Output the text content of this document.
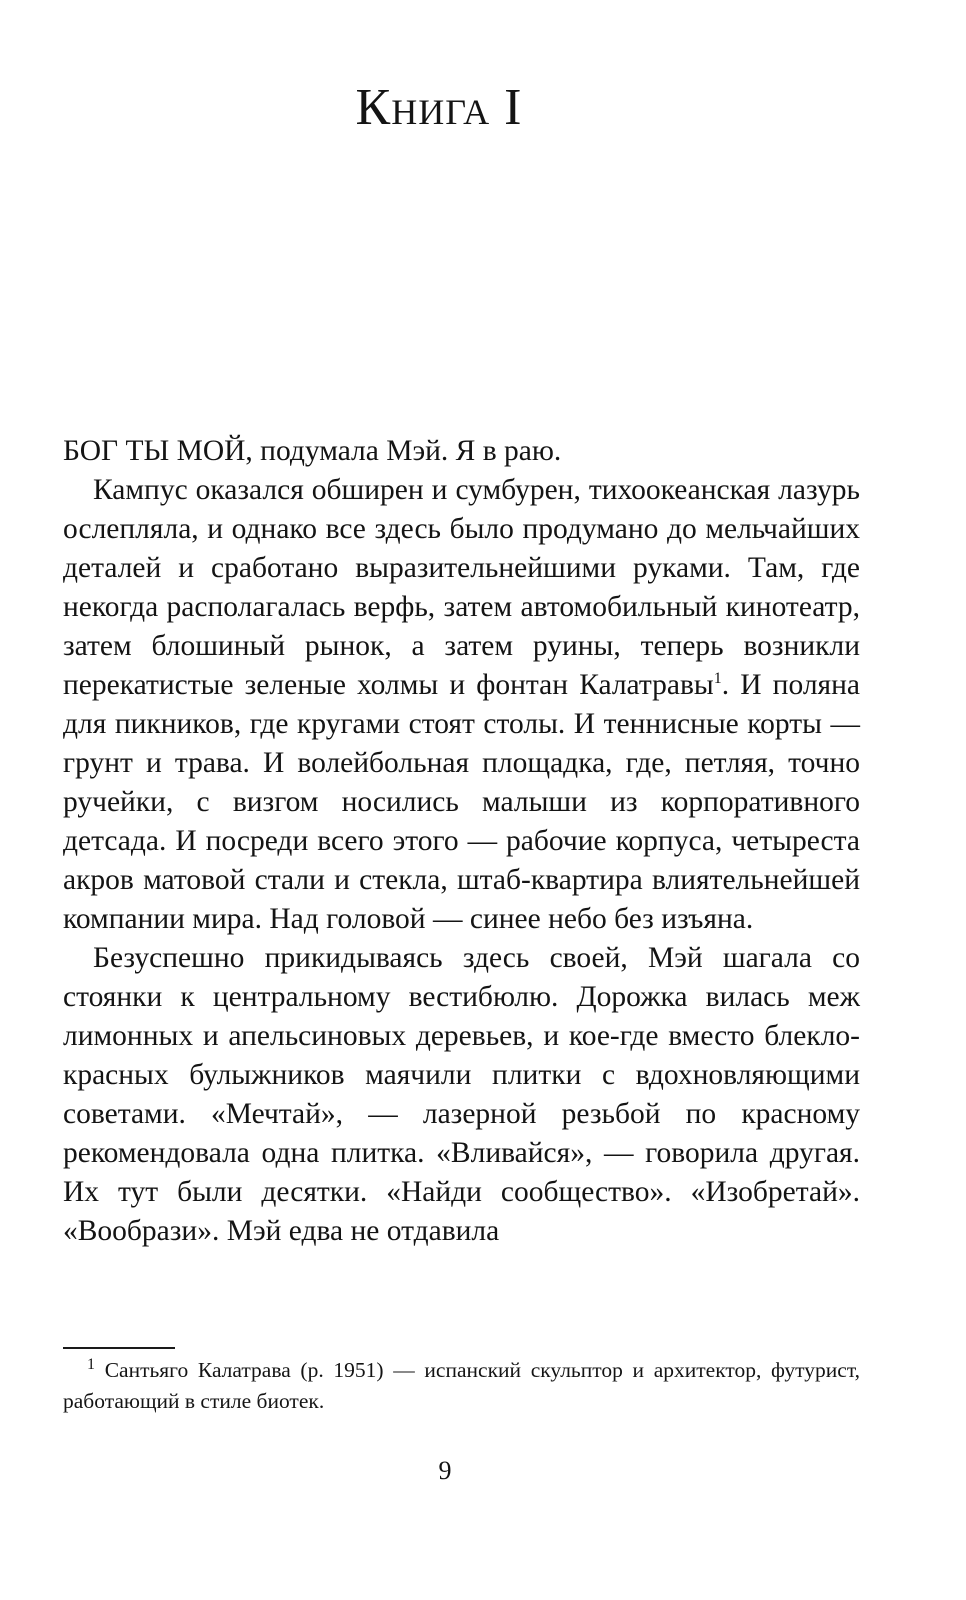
Книга I

БОГ ТЫ МОЙ, подумала Мэй. Я в раю.

Кампус оказался обширен и сумбурен, тихоокеанская лазурь ослепляла, и однако все здесь было продумано до мельчайших деталей и сработано выразительнейшими руками. Там, где некогда располагалась верфь, затем автомобильный кинотеатр, затем блошиный рынок, а затем руины, теперь возникли перекатистые зеленые холмы и фонтан Калатравы$^1$. И поляна для пикников, где кругами стоят столы. И теннисные корты — грунт и трава. И волейбольная площадка, где, петляя, точно ручейки, с визгом носились малыши из корпоративного детсада. И посреди всего этого — рабочие корпуса, четыреста акров матовой стали и стекла, штаб-квартира влиятельнейшей компании мира. Над головой — синее небо без изъяна.

Безуспешно прикидываясь здесь своей, Мэй шагала со стоянки к центральному вестибюлю. Дорожка вилась меж лимонных и апельсиновых деревьев, и кое-где вместо блекло-красных булыжников маячили плитки с вдохновляющими советами. «Мечтай», — лазерной резьбой по красному рекомендовала одна плитка. «Вливайся», — говорила другая. Их тут были десятки. «Найди сообщество». «Изобретай». «Вообрази». Мэй едва не отдавила

$^1$ Сантьяго Калатрава (р. 1951) — испанский скульптор и архитектор, футурист, работающий в стиле биотек.
9
